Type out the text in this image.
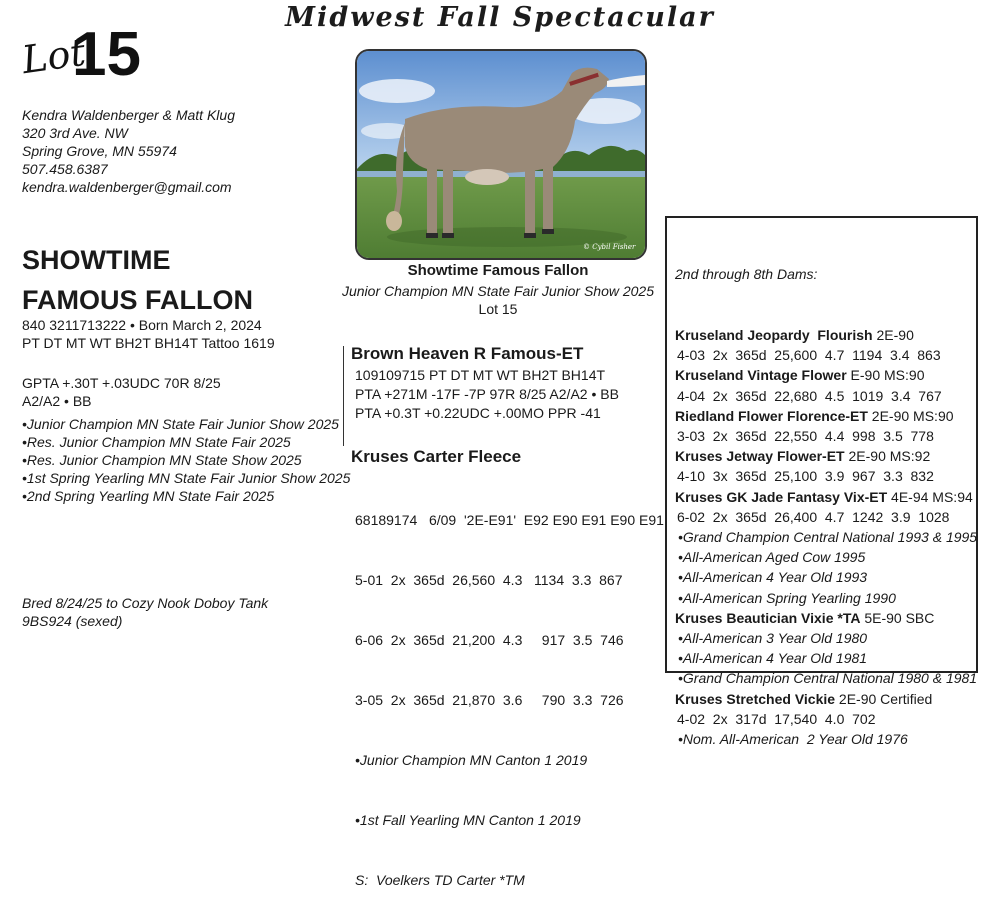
Midwest Fall Spectacular
Lot
15
Kendra Waldenberger & Matt Klug
320 3rd Ave. NW
Spring Grove, MN 55974
507.458.6387
kendra.waldenberger@gmail.com
SHOWTIME
FAMOUS FALLON
840 3211713222 • Born March 2, 2024
PT DT MT WT BH2T BH14T Tattoo 1619
GPTA +.30T +.03UDC 70R 8/25
A2/A2 • BB
•Junior Champion MN State Fair Junior Show 2025
•Res. Junior Champion MN State Fair 2025
•Res. Junior Champion MN State Show 2025
•1st Spring Yearling MN State Fair Junior Show 2025
•2nd Spring Yearling MN State Fair 2025
Bred 8/24/25 to Cozy Nook Doboy Tank
9BS924 (sexed)
© Cybil Fisher
Showtime Famous Fallon
Junior Champion MN State Fair Junior Show 2025
Lot 15
Brown Heaven R Famous-ET
109109715 PT DT MT WT BH2T BH14T
PTA +271M -17F -7P 97R 8/25 A2/A2 • BB
PTA +0.3T +0.22UDC +.00MO PPR -41
Kruses Carter Fleece

68189174   6/09  '2E-E91'  E92 E90 E91 E90 E91

5-01  2x  365d  26,560  4.3   1134  3.3  867

6-06  2x  365d  21,200  4.3     917  3.5  746

3-05  2x  365d  21,870  3.6     790  3.3  726

•Junior Champion MN Canton 1 2019

•1st Fall Yearling MN Canton 1 2019

S:  Voelkers TD Carter *TM

2nd through 8th Dams:

Kruseland Jeopardy  Flourish 2E-90
4-03  2x  365d  25,600  4.7  1194  3.4  863
Kruseland Vintage Flower E-90 MS:90
4-04  2x  365d  22,680  4.5  1019  3.4  767
Riedland Flower Florence-ET 2E-90 MS:90
3-03  2x  365d  22,550  4.4  998  3.5  778
Kruses Jetway Flower-ET 2E-90 MS:92
4-10  3x  365d  25,100  3.9  967  3.3  832
Kruses GK Jade Fantasy Vix-ET 4E-94 MS:94
6-02  2x  365d  26,400  4.7  1242  3.9  1028
•Grand Champion Central National 1993 & 1995
•All-American Aged Cow 1995
•All-American 4 Year Old 1993
•All-American Spring Yearling 1990
Kruses Beautician Vixie *TA 5E-90 SBC
•All-American 3 Year Old 1980
•All-American 4 Year Old 1981
•Grand Champion Central National 1980 & 1981
Kruses Stretched Vickie 2E-90 Certified
4-02  2x  317d  17,540  4.0  702
•Nom. All-American  2 Year Old 1976
